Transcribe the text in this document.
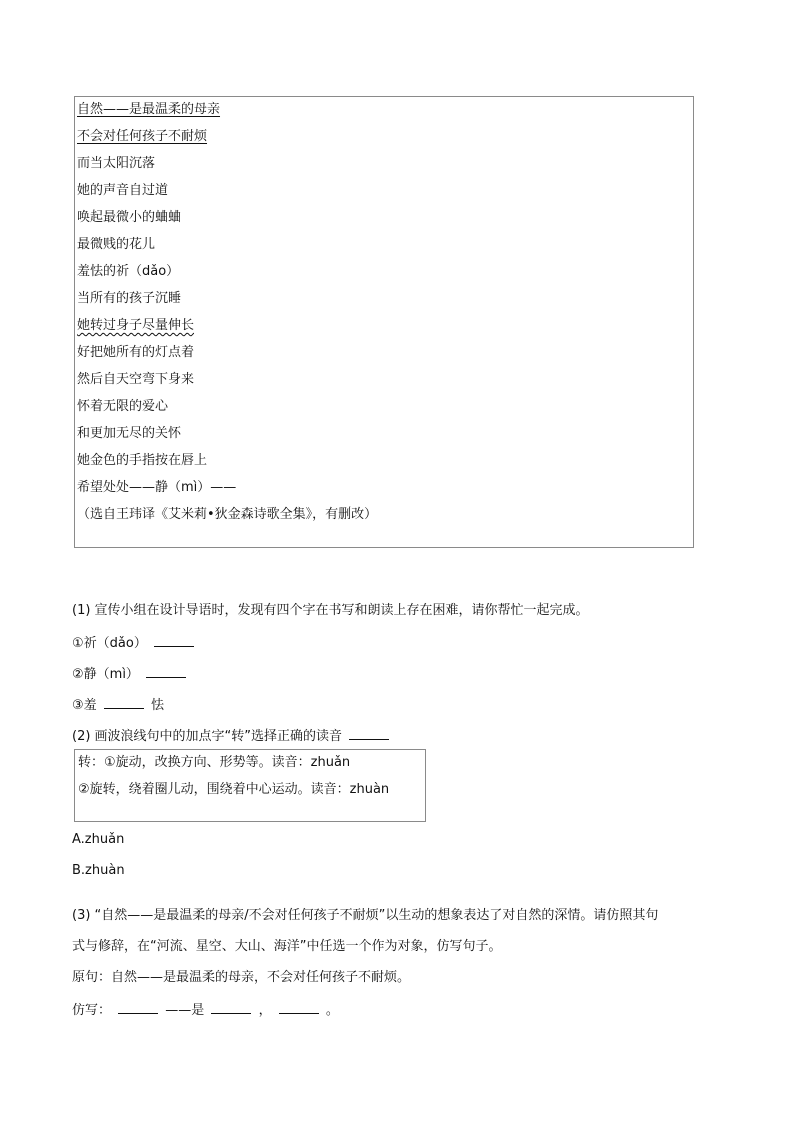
自然——是最温柔的母亲
不会对任何孩子不耐烦
而当太阳沉落
她的声音自过道
唤起最微小的蛐蛐
最微贱的花儿
羞怯的祈（dǎo）
当所有的孩子沉睡
她转过身子尽量伸长
好把她所有的灯点着
然后自天空弯下身来
怀着无限的爱心
和更加无尽的关怀
她金色的手指按在唇上
希望处处——静（mì）——
（选自王玮译《艾米莉•狄金森诗歌全集》，有删改）
(1) 宣传小组在设计导语时，发现有四个字在书写和朗读上存在困难，请你帮忙一起完成。
①祈（dǎo）
②静（mì）
③羞	怯
(2) 画波浪线句中的加点字“转”选择正确的读音
转：①旋动，改换方向、形势等。读音：zhuǎn
②旋转，绕着圈儿动，围绕着中心运动。读音：zhuàn
A.zhuǎn
B.zhuàn
(3) “自然——是最温柔的母亲/不会对任何孩子不耐烦”以生动的想象表达了对自然的深情。请仿照其句
式与修辞，在“河流、星空、大山、海洋”中任选一个作为对象，仿写句子。
原句：自然——是最温柔的母亲，不会对任何孩子不耐烦。
仿写：	——是	，	。
